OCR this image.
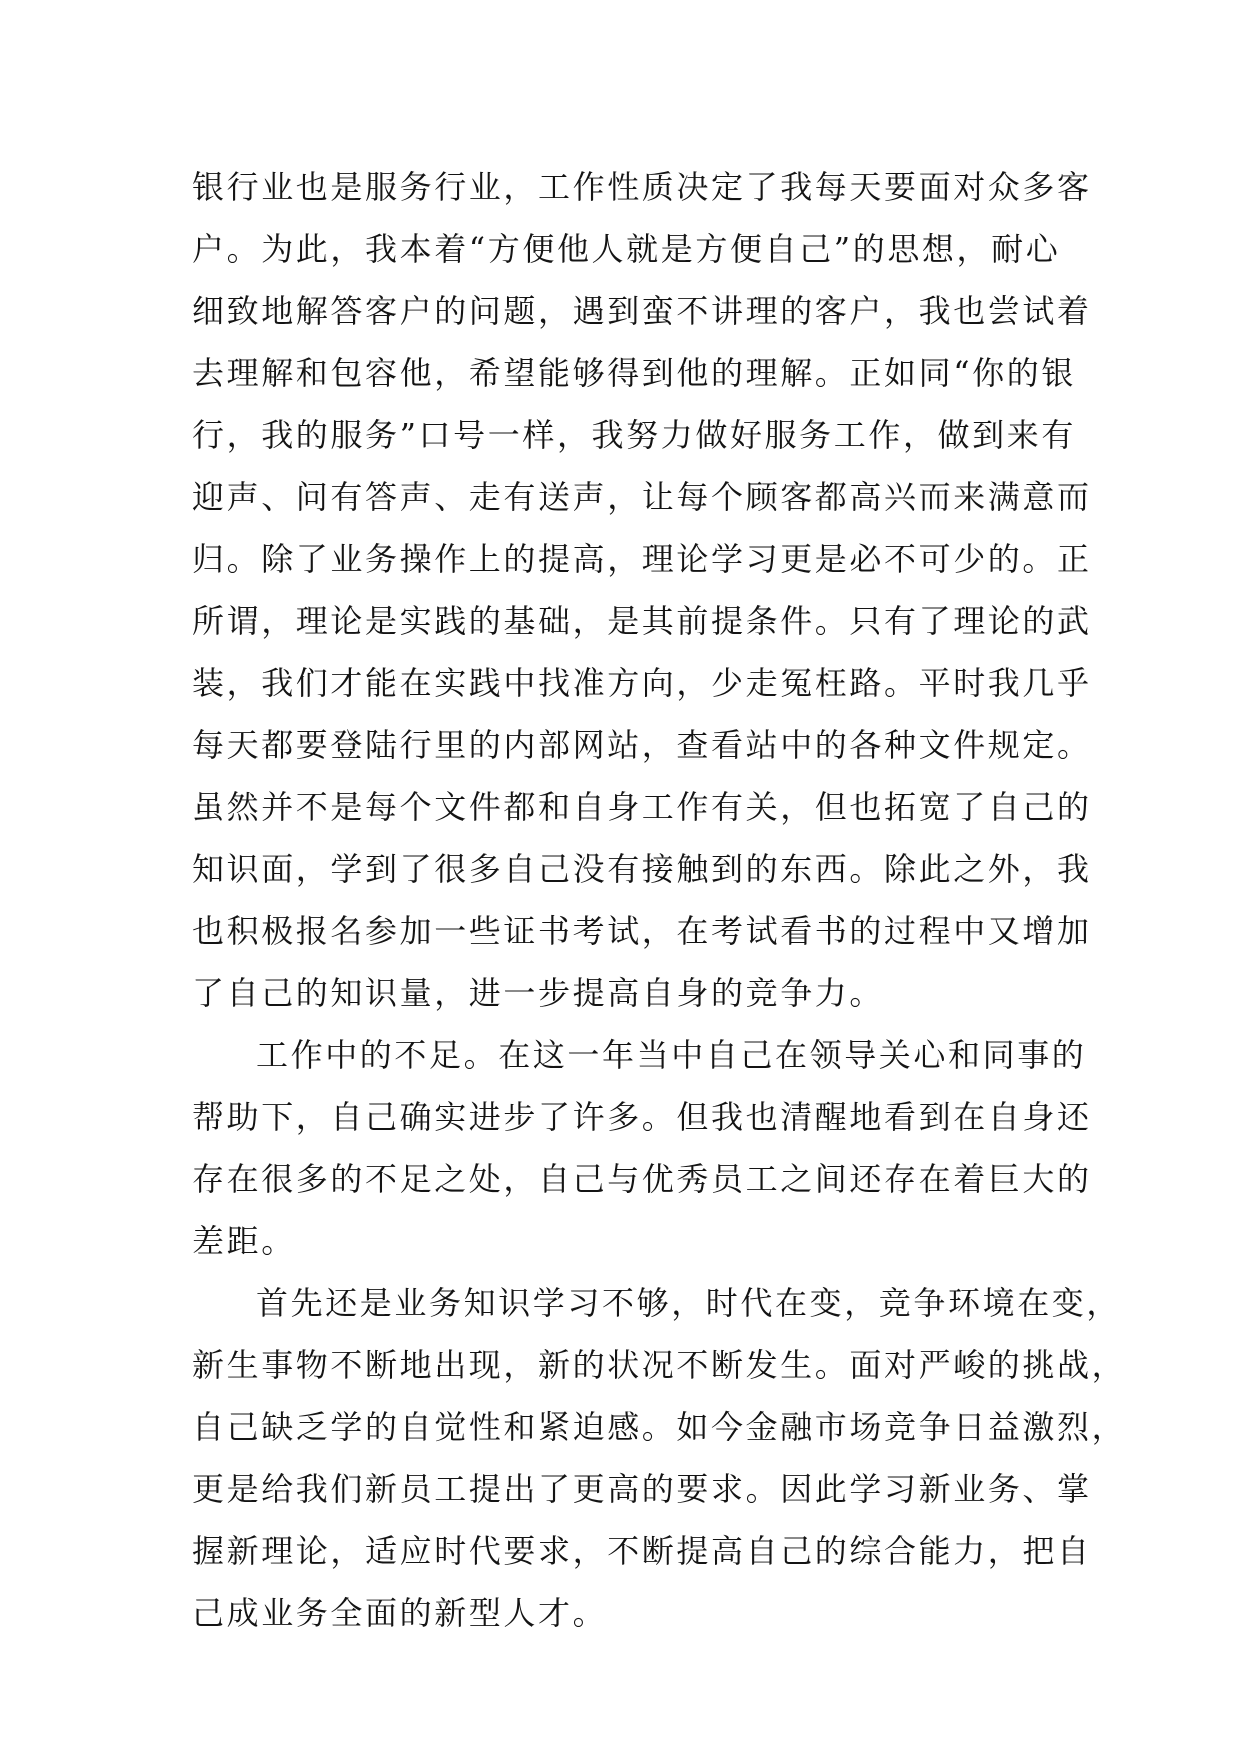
银行业也是服务行业，工作性质决定了我每天要面对众多客
户。为此，我本着“方便他人就是方便自己”的思想，耐心
细致地解答客户的问题，遇到蛮不讲理的客户，我也尝试着
去理解和包容他，希望能够得到他的理解。正如同“你的银
行，我的服务”口号一样，我努力做好服务工作，做到来有
迎声、问有答声、走有送声，让每个顾客都高兴而来满意而
归。除了业务操作上的提高，理论学习更是必不可少的。正
所谓，理论是实践的基础，是其前提条件。只有了理论的武
装，我们才能在实践中找准方向，少走冤枉路。平时我几乎
每天都要登陆行里的内部网站，查看站中的各种文件规定。
虽然并不是每个文件都和自身工作有关，但也拓宽了自己的
知识面，学到了很多自己没有接触到的东西。除此之外，我
也积极报名参加一些证书考试，在考试看书的过程中又增加
了自己的知识量，进一步提高自身的竞争力。
工作中的不足。在这一年当中自己在领导关心和同事的
帮助下，自己确实进步了许多。但我也清醒地看到在自身还
存在很多的不足之处，自己与优秀员工之间还存在着巨大的
差距。
首先还是业务知识学习不够，时代在变，竞争环境在变，
新生事物不断地出现，新的状况不断发生。面对严峻的挑战，
自己缺乏学的自觉性和紧迫感。如今金融市场竞争日益激烈，
更是给我们新员工提出了更高的要求。因此学习新业务、掌
握新理论，适应时代要求，不断提高自己的综合能力，把自
己成业务全面的新型人才。
